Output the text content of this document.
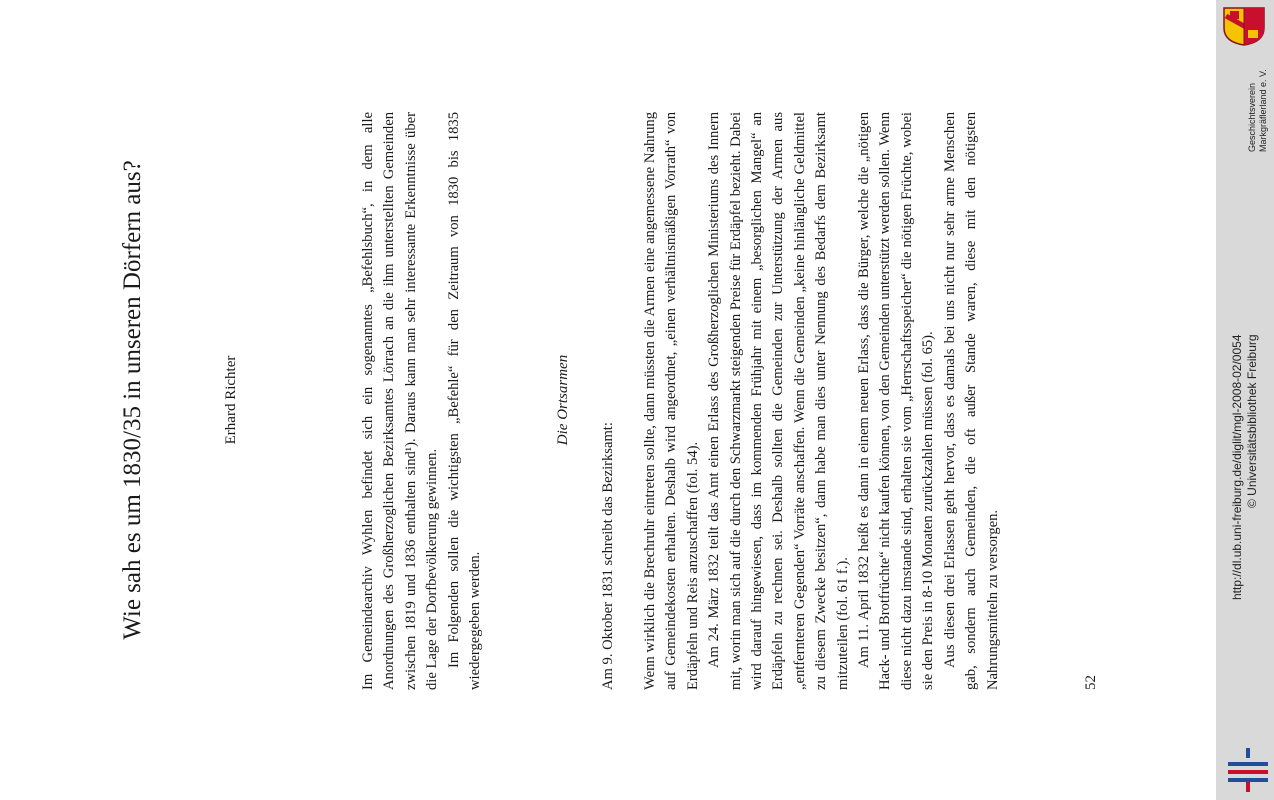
Wie sah es um 1830/35 in unseren Dörfern aus?	Erhard Richter	Im Gemeindearchiv Wyhlen befindet sich ein sogenanntes „Befehlsbuch“, in dem alle Anordnungen des Großherzoglichen Bezirksamtes Lörrach an die ihm unterstellten Gemeinden zwischen 1819 und 1836 enthalten sind¹). Daraus kann man sehr interessante Erkenntnisse über die Lage der Dorfbevölkerung gewinnen. Im Folgenden sollen die wichtigsten „Befehle“ für den Zeitraum von 1830 bis 1835 wiedergegeben werden.

Die Ortsarmen

Am 9. Oktober 1831 schreibt das Bezirksamt: Wenn wirklich die Brechruhr eintreten sollte, dann müssten die Armen eine angemessene Nahrung auf Gemeindekosten erhalten. Deshalb wird angeordnet, „einen verhältnismäßigen Vorrath“ von Erdäpfeln und Reis anzuschaffen (fol. 54). Am 24. März 1832 teilt das Amt einen Erlass des Großherzoglichen Ministeriums des Innern mit, worin man sich auf die durch den Schwarzmarkt steigenden Preise für Erdäpfel bezieht. Dabei wird darauf hingewiesen, dass im kommenden Frühjahr mit einem „besorglichen Mangel“ an Erdäpfeln zu rechnen sei. Deshalb sollten die Gemeinden zur Unterstützung der Armen aus „entfernteren Gegenden“ Vorräte anschaffen. Wenn die Gemeinden „keine hinlängliche Geldmittel zu diesem Zwecke besitzen“, dann habe man dies unter Nennung des Bedarfs dem Bezirksamt mitzuteilen (fol. 61 f.). Am 11. April 1832 heißt es dann in einem neuen Erlass, dass die Bürger, welche die „nötigen Hack- und Brotfrüchte“ nicht kaufen können, von den Gemeinden unterstützt werden sollen. Wenn diese nicht dazu imstande sind, erhalten sie vom „Herrschaftsspeicher“ die nötigen Früchte, wobei sie den Preis in 8-10 Monaten zurückzahlen müssen (fol. 65). Aus diesen drei Erlassen geht hervor, dass es damals bei uns nicht nur sehr arme Menschen gab, sondern auch Gemeinden, die oft außer Stande waren, diese mit den nötigsten Nahrungsmitteln zu versorgen.	52
http://dl.ub.uni-freiburg.de/diglit/mgl-2008-02/0054 © Universitätsbibliothek Freiburg
Geschichtsverein Markgräflerland e. V.
